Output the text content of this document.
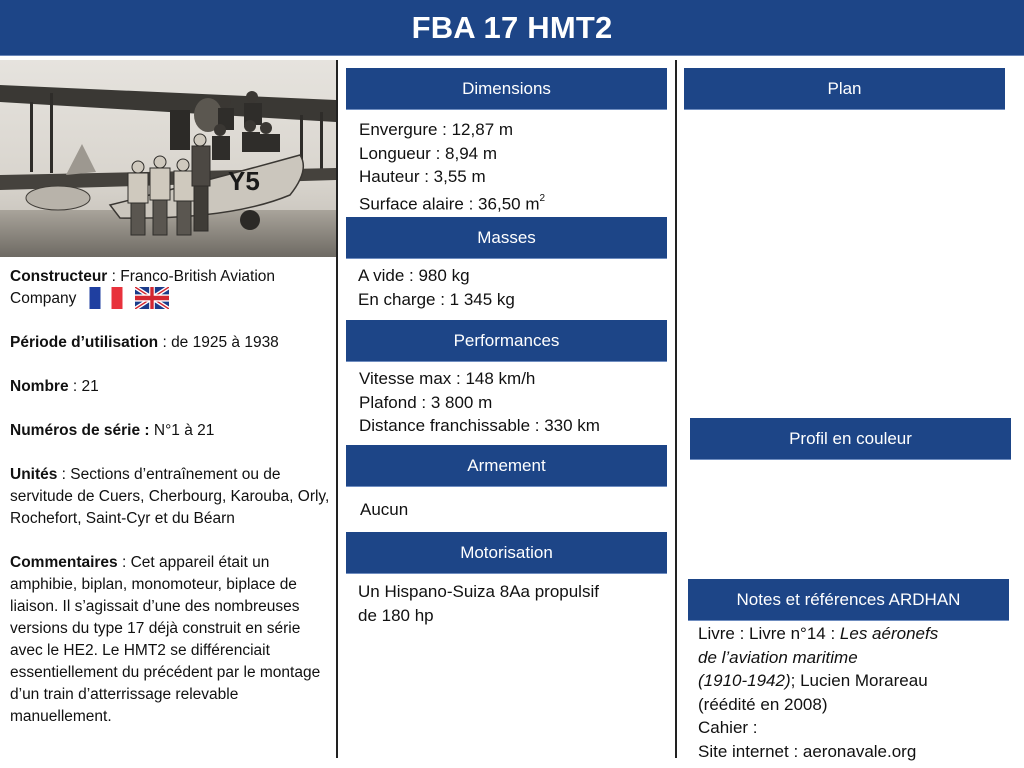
FBA 17 HMT2
Y5

Constructeur : Franco-British Aviation Company

Période d’utilisation : de 1925 à 1938

Nombre : 21

Numéros de série : N°1 à 21

Unités : Sections d’entraînement ou de servitude de Cuers, Cherbourg, Karouba, Orly, Rochefort, Saint-Cyr et du Béarn

Commentaires : Cet appareil était un amphibie, biplan, monomoteur, biplace de liaison. Il s’agissait d’une des nombreuses versions du type 17 déjà construit en série avec le HE2. Le HMT2 se différenciait essentiellement du précédent par le montage d’un train d’atterrissage relevable manuellement.

Dimensions
Envergure : 12,87 m
Longueur : 8,94 m
Hauteur : 3,55 m
Surface alaire : 36,50 $m^2$
Masses
A vide : 980 kg
En charge : 1 345 kg
Performances
Vitesse max : 148 km/h
Plafond : 3 800 m
Distance franchissable : 330 km
Armement
Aucun
Motorisation
Un Hispano-Suiza 8Aa propulsif
de 180 hp
Plan
Profil en couleur
Notes et références ARDHAN
Livre : Livre n°14 : Les aéronefs
de l’aviation maritime
(1910-1942); Lucien Morareau
(réédité en 2008)
Cahier :
Site internet : aeronavale.org
